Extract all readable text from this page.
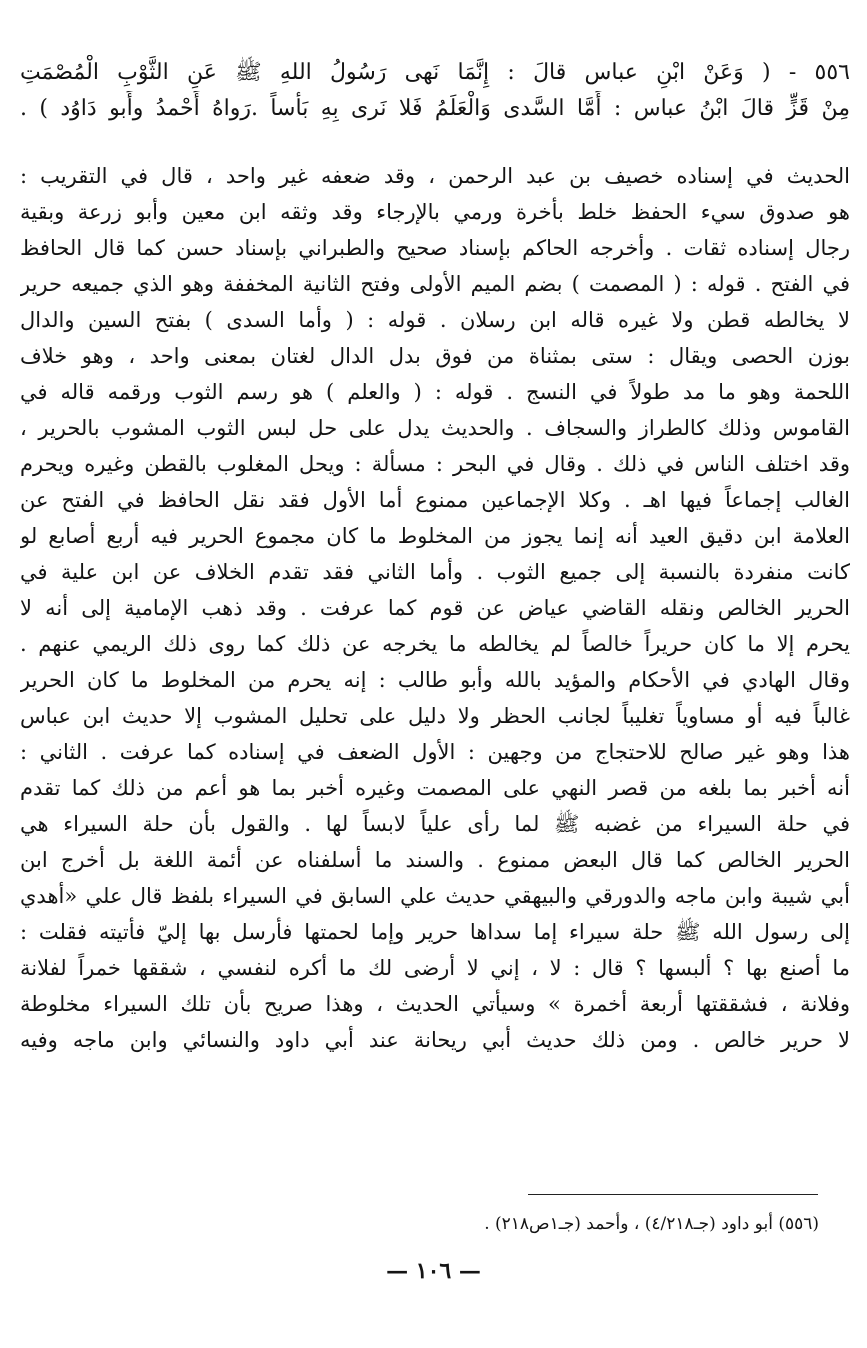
٥٥٦ - ( وَعَنْ ابْنِ عباس قالَ : إِنَّمَا نَهى رَسُولُ اللهِ ﷺ عَنِ الثَّوْبِ الْمُصْمَتِ
مِنْ قَزٍّ قالَ ابْنُ عباس : أَمَّا السَّدى وَالْعَلَمُ فَلا نَرى بِهِ بَأْساً .رَواهُ أَحْمدُ وأَبو دَاوُد ) .
الحديث في إسناده خصيف بن عبد الرحمن ، وقد ضعفه غير واحد ، قال في التقريب :
هو صدوق سيء الحفظ خلط بأخرة ورمي بالإرجاء وقد وثقه ابن معين وأبو زرعة وبقية
رجال إسناده ثقات . وأخرجه الحاكم بإسناد صحيح والطبراني بإسناد حسن كما قال الحافظ
في الفتح . قوله : ( المصمت ) بضم الميم الأولى وفتح الثانية المخففة وهو الذي جميعه حرير
لا يخالطه قطن ولا غيره قاله ابن رسلان . قوله : ( وأما السدى ) بفتح السين والدال
بوزن الحصى ويقال : ستى بمثناة من فوق بدل الدال لغتان بمعنى واحد ، وهو خلاف
اللحمة وهو ما مد طولاً في النسج . قوله : ( والعلم ) هو رسم الثوب ورقمه قاله في
القاموس وذلك كالطراز والسجاف . والحديث يدل على حل لبس الثوب المشوب بالحرير ،
وقد اختلف الناس في ذلك . وقال في البحر : مسألة : ويحل المغلوب بالقطن وغيره ويحرم
الغالب إجماعاً فيها اهـ . وكلا الإجماعين ممنوع أما الأول فقد نقل الحافظ في الفتح عن
العلامة ابن دقيق العيد أنه إنما يجوز من المخلوط ما كان مجموع الحرير فيه أربع أصابع لو
كانت منفردة بالنسبة إلى جميع الثوب . وأما الثاني فقد تقدم الخلاف عن ابن علية في
الحرير الخالص ونقله القاضي عياض عن قوم كما عرفت . وقد ذهب الإمامية إلى أنه لا
يحرم إلا ما كان حريراً خالصاً لم يخالطه ما يخرجه عن ذلك كما روى ذلك الريمي عنهم .
وقال الهادي في الأحكام والمؤيد بالله وأبو طالب : إنه يحرم من المخلوط ما كان الحرير
غالباً فيه أو مساوياً تغليباً لجانب الحظر ولا دليل على تحليل المشوب إلا حديث ابن عباس
هذا وهو غير صالح للاحتجاج من وجهين : الأول الضعف في إسناده كما عرفت . الثاني :
أنه أخبر بما بلغه من قصر النهي على المصمت وغيره أخبر بما هو أعم من ذلك كما تقدم
في حلة السيراء من غضبه ﷺ لما رأى علياً لابساً لها . والقول بأن حلة السيراء هي
الحرير الخالص كما قال البعض ممنوع . والسند ما أسلفناه عن أئمة اللغة بل أخرج ابن
أبي شيبة وابن ماجه والدورقي والبيهقي حديث علي السابق في السيراء بلفظ قال علي «أهدي
إلى رسول الله ﷺ حلة سيراء إما سداها حرير وإما لحمتها فأرسل بها إليّ فأتيته فقلت :
ما أصنع بها ؟ ألبسها ؟ قال : لا ، إني لا أرضى لك ما أكره لنفسي ، شققها خمراً لفلانة
وفلانة ، فشققتها أربعة أخمرة » وسيأتي الحديث ، وهذا صريح بأن تلك السيراء مخلوطة
لا حرير خالص . ومن ذلك حديث أبي ريحانة عند أبي داود والنسائي وابن ماجه وفيه
(٥٥٦) أبو داود (جـ٤/٢١٨) ، وأحمد (جـ١ص٢١٨) .
— ١٠٦ —
